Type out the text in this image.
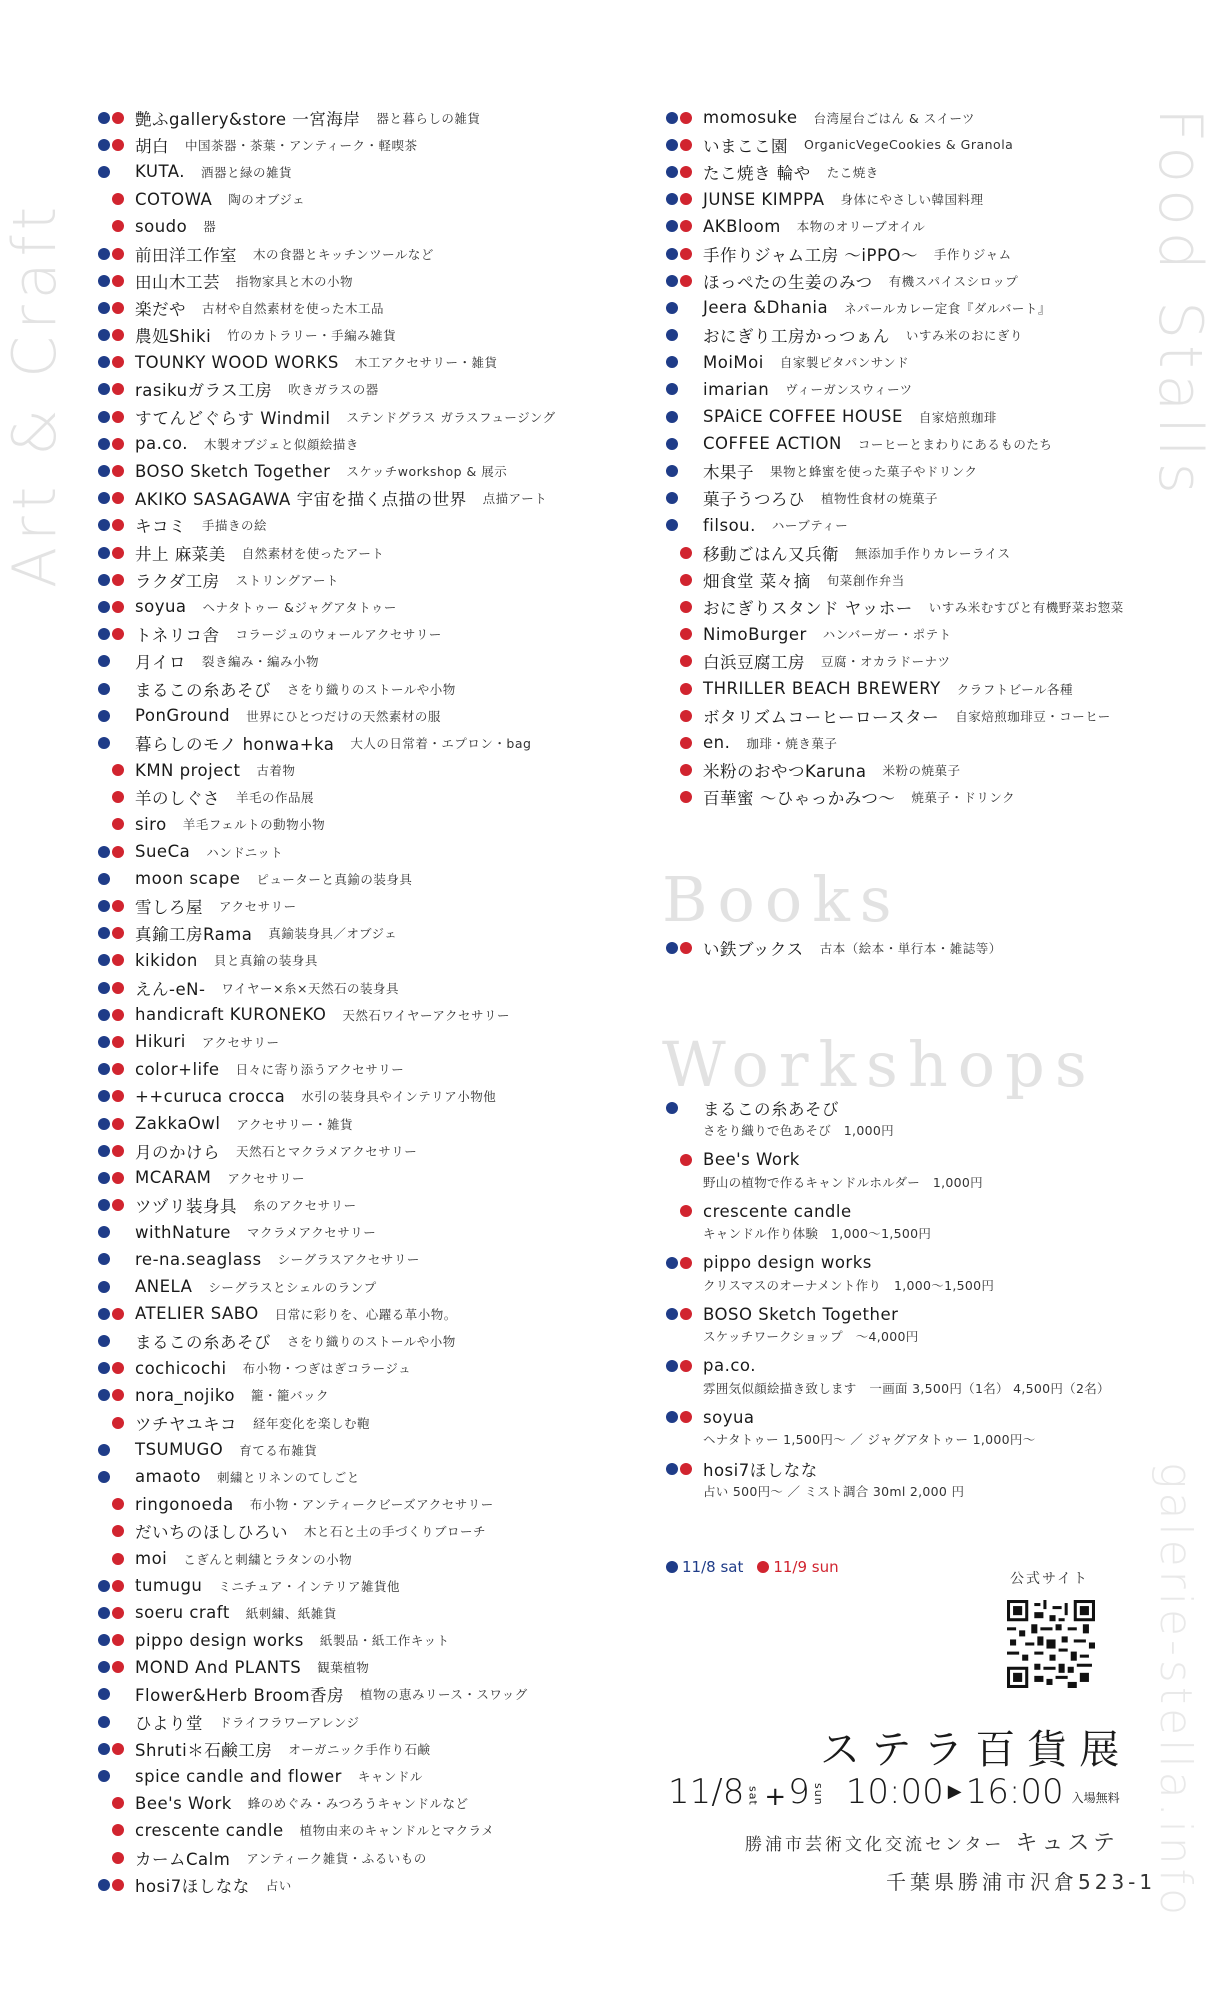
Art & Craft	Food Stalls
galerie-stella.info
艶ふgallery&store 一宮海岸 器と暮らしの雑貨
胡白 中国茶器・茶葉・アンティーク・軽喫茶
KUTA. 酒器と緑の雑貨
COTOWA 陶のオブジェ
soudo 器
前田洋工作室 木の食器とキッチンツールなど
田山木工芸 指物家具と木の小物
楽だや 古材や自然素材を使った木工品
農処Shiki 竹のカトラリー・手編み雑貨
TOUNKY WOOD WORKS 木工アクセサリー・雑貨
rasikuガラス工房 吹きガラスの器
すてんどぐらす Windmil ステンドグラス ガラスフュージング
pa.co. 木製オブジェと似顔絵描き
BOSO Sketch Together スケッチworkshop & 展示
AKIKO SASAGAWA 宇宙を描く点描の世界 点描アート
キコミ 手描きの絵
井上 麻菜美 自然素材を使ったアート
ラクダ工房 ストリングアート
soyua ヘナタトゥー &ジャグアタトゥー
トネリコ舎 コラージュのウォールアクセサリー
月イロ 裂き編み・編み小物
まるこの糸あそび さをり織りのストールや小物
PonGround 世界にひとつだけの天然素材の服
暮らしのモノ honwa+ka 大人の日常着・エプロン・bag
KMN project 古着物
羊のしぐさ 羊毛の作品展
siro 羊毛フェルトの動物小物
SueCa ハンドニット
moon scape ピューターと真鍮の装身具
雪しろ屋 アクセサリー
真鍮工房Rama 真鍮装身具／オブジェ
kikidon 貝と真鍮の装身具
えん-eN- ワイヤー×糸×天然石の装身具
handicraft KURONEKO 天然石ワイヤーアクセサリー
Hikuri アクセサリー
color+life 日々に寄り添うアクセサリー
++curuca crocca 水引の装身具やインテリア小物他
ZakkaOwl アクセサリー・雑貨
月のかけら 天然石とマクラメアクセサリー
MCARAM アクセサリー
ツヅリ装身具 糸のアクセサリー
withNature マクラメアクセサリー
re-na.seaglass シーグラスアクセサリー
ANELA シーグラスとシェルのランプ
ATELIER SABO 日常に彩りを、心躍る革小物。
まるこの糸あそび さをり織りのストールや小物
cochicochi 布小物・つぎはぎコラージュ
nora_nojiko 籠・籠バック
ツチヤユキコ 経年変化を楽しむ鞄
TSUMUGO 育てる布雑貨
amaoto 刺繍とリネンのてしごと
ringonoeda 布小物・アンティークビーズアクセサリー
だいちのほしひろい 木と石と土の手づくりブローチ
moi こぎんと刺繍とラタンの小物
tumugu ミニチュア・インテリア雑貨他
soeru craft 紙刺繍、紙雑貨
pippo design works 紙製品・紙工作キット
MOND And PLANTS 観葉植物
Flower&Herb Broom香房 植物の恵みリース・スワッグ
ひより堂 ドライフラワーアレンジ
Shruti＊石鹸工房 オーガニック手作り石鹸
spice candle and flower キャンドル
Bee's Work 蜂のめぐみ・みつろうキャンドルなど
crescente candle 植物由来のキャンドルとマクラメ
カームCalm アンティーク雑貨・ふるいもの
hosi7ほしなな 占い
momosuke 台湾屋台ごはん & スイーツ
いまここ園 OrganicVegeCookies & Granola
たこ焼き 輪や たこ焼き
JUNSE KIMPPA 身体にやさしい韓国料理
AKBloom 本物のオリーブオイル
手作りジャム工房 〜iPPO〜 手作りジャム
ほっぺたの生姜のみつ 有機スパイスシロップ
Jeera &Dhania ネパールカレー定食『ダルバート』
おにぎり工房かっつぁん いすみ米のおにぎり
MoiMoi 自家製ピタパンサンド
imarian ヴィーガンスウィーツ
SPAiCE COFFEE HOUSE 自家焙煎珈琲
COFFEE ACTION コーヒーとまわりにあるものたち
木果子 果物と蜂蜜を使った菓子やドリンク
菓子うつろひ 植物性食材の焼菓子
filsou. ハーブティー
移動ごはん又兵衛 無添加手作りカレーライス
畑食堂 菜々摘 旬菜創作弁当
おにぎりスタンド ヤッホー いすみ米むすびと有機野菜お惣菜
NimoBurger ハンバーガー・ポテト
白浜豆腐工房 豆腐・オカラドーナツ
THRILLER BEACH BREWERY クラフトビール各種
ボタリズムコーヒーロースター 自家焙煎珈琲豆・コーヒー
en. 珈琲・焼き菓子
米粉のおやつKaruna 米粉の焼菓子
百華蜜 〜ひゃっかみつ〜 焼菓子・ドリンク
Books
い鉄ブックス 古本（絵本・単行本・雑誌等）
Workshops
まるこの糸あそび
さをり織りで色あそび　1,000円
Bee's Work
野山の植物で作るキャンドルホルダー　1,000円
crescente candle
キャンドル作り体験　1,000〜1,500円
pippo design works
クリスマスのオーナメント作り　1,000〜1,500円
BOSO Sketch Together
スケッチワークショップ　〜4,000円
pa.co.
雰囲気似顔絵描き致します　一画面 3,500円（1名） 4,500円（2名）
soyua
ヘナタトゥー 1,500円〜 ／ ジャグアタトゥー 1,000円〜
hosi7ほしなな
占い 500円〜 ／ ミスト調合 30ml 2,000 円
11/8 sat 11/9 sun
公式サイト
ステラ百貨展
11/8 sat + 9 sun 10:00 ▶ 16:00 入場無料
勝浦市芸術文化交流センター キュステ
千葉県勝浦市沢倉523-1
